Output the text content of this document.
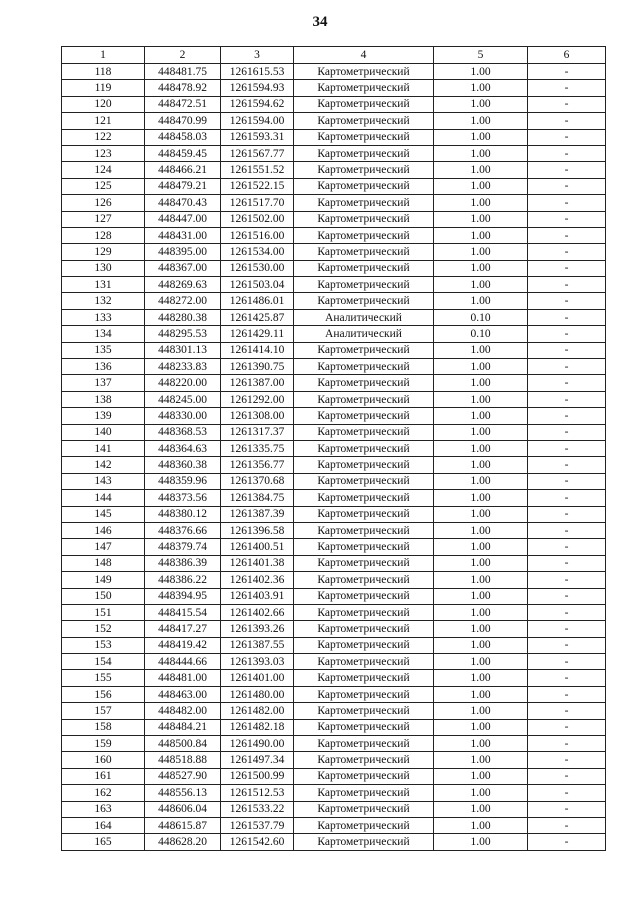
34
1	2	3	4	5	6
118	448481.75	1261615.53	Картометрический	1.00	-
119	448478.92	1261594.93	Картометрический	1.00	-
120	448472.51	1261594.62	Картометрический	1.00	-
121	448470.99	1261594.00	Картометрический	1.00	-
122	448458.03	1261593.31	Картометрический	1.00	-
123	448459.45	1261567.77	Картометрический	1.00	-
124	448466.21	1261551.52	Картометрический	1.00	-
125	448479.21	1261522.15	Картометрический	1.00	-
126	448470.43	1261517.70	Картометрический	1.00	-
127	448447.00	1261502.00	Картометрический	1.00	-
128	448431.00	1261516.00	Картометрический	1.00	-
129	448395.00	1261534.00	Картометрический	1.00	-
130	448367.00	1261530.00	Картометрический	1.00	-
131	448269.63	1261503.04	Картометрический	1.00	-
132	448272.00	1261486.01	Картометрический	1.00	-
133	448280.38	1261425.87	Аналитический	0.10	-
134	448295.53	1261429.11	Аналитический	0.10	-
135	448301.13	1261414.10	Картометрический	1.00	-
136	448233.83	1261390.75	Картометрический	1.00	-
137	448220.00	1261387.00	Картометрический	1.00	-
138	448245.00	1261292.00	Картометрический	1.00	-
139	448330.00	1261308.00	Картометрический	1.00	-
140	448368.53	1261317.37	Картометрический	1.00	-
141	448364.63	1261335.75	Картометрический	1.00	-
142	448360.38	1261356.77	Картометрический	1.00	-
143	448359.96	1261370.68	Картометрический	1.00	-
144	448373.56	1261384.75	Картометрический	1.00	-
145	448380.12	1261387.39	Картометрический	1.00	-
146	448376.66	1261396.58	Картометрический	1.00	-
147	448379.74	1261400.51	Картометрический	1.00	-
148	448386.39	1261401.38	Картометрический	1.00	-
149	448386.22	1261402.36	Картометрический	1.00	-
150	448394.95	1261403.91	Картометрический	1.00	-
151	448415.54	1261402.66	Картометрический	1.00	-
152	448417.27	1261393.26	Картометрический	1.00	-
153	448419.42	1261387.55	Картометрический	1.00	-
154	448444.66	1261393.03	Картометрический	1.00	-
155	448481.00	1261401.00	Картометрический	1.00	-
156	448463.00	1261480.00	Картометрический	1.00	-
157	448482.00	1261482.00	Картометрический	1.00	-
158	448484.21	1261482.18	Картометрический	1.00	-
159	448500.84	1261490.00	Картометрический	1.00	-
160	448518.88	1261497.34	Картометрический	1.00	-
161	448527.90	1261500.99	Картометрический	1.00	-
162	448556.13	1261512.53	Картометрический	1.00	-
163	448606.04	1261533.22	Картометрический	1.00	-
164	448615.87	1261537.79	Картометрический	1.00	-
165	448628.20	1261542.60	Картометрический	1.00	-
